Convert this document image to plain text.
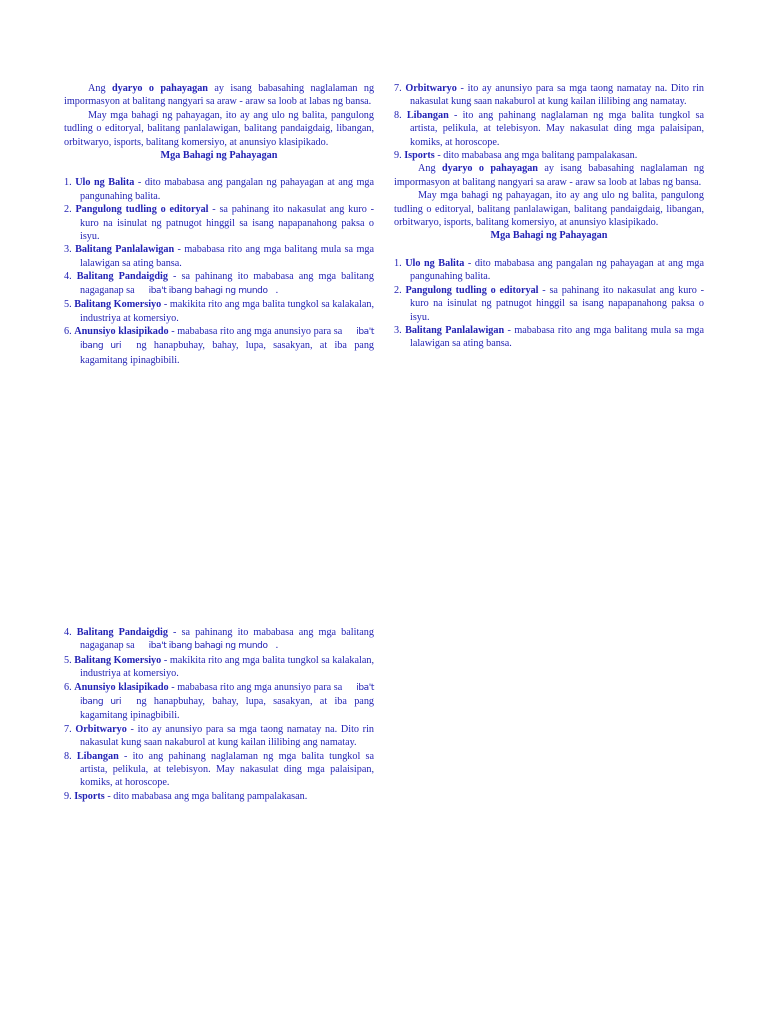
Ang dyaryo o pahayagan ay isang babasahing naglalaman ng impormasyon at balitang nangyari sa araw - araw sa loob at labas ng bansa.

May mga bahagi ng pahayagan, ito ay ang ulo ng balita, pangulong tudling o editoryal, balitang panlalawigan, balitang pandaigdaig, libangan, orbitwaryo, isports, balitang komersiyo, at anunsiyo klasipikado.

Mga Bahagi ng Pahayagan

1. Ulo ng Balita - dito mababasa ang pangalan ng pahayagan at ang mga pangunahing balita.

2. Pangulong tudling o editoryal - sa pahinang ito nakasulat ang kuro - kuro na isinulat ng patnugot hinggil sa isang napapanahong paksa o isyu.

3. Balitang Panlalawigan - mababasa rito ang mga balitang mula sa mga lalawigan sa ating bansa.

4. Balitang Pandaigdig - sa pahinang ito mababasa ang mga balitang nagaganap sa iba't ibang bahagi ng mundo .

5. Balitang Komersiyo - makikita rito ang mga balita tungkol sa kalakalan, industriya at komersiyo.

6. Anunsiyo klasipikado - mababasa rito ang mga anunsiyo para sa iba't ibang uri ng hanapbuhay, bahay, lupa, sasakyan, at iba pang kagamitang ipinagbibili.

7. Orbitwaryo - ito ay anunsiyo para sa mga taong namatay na. Dito rin nakasulat kung saan nakaburol at kung kailan ililibing ang namatay.

8. Libangan - ito ang pahinang naglalaman ng mga balita tungkol sa artista, pelikula, at telebisyon. May nakasulat ding mga palaisipan, komiks, at horoscope.

9. Isports - dito mababasa ang mga balitang pampalakasan.

Ang dyaryo o pahayagan ay isang babasahing naglalaman ng impormasyon at balitang nangyari sa araw - araw sa loob at labas ng bansa.

May mga bahagi ng pahayagan, ito ay ang ulo ng balita, pangulong tudling o editoryal, balitang panlalawigan, balitang pandaigdaig, libangan, orbitwaryo, isports, balitang komersiyo, at anunsiyo klasipikado.

Mga Bahagi ng Pahayagan

1. Ulo ng Balita - dito mababasa ang pangalan ng pahayagan at ang mga pangunahing balita.

2. Pangulong tudling o editoryal - sa pahinang ito nakasulat ang kuro - kuro na isinulat ng patnugot hinggil sa isang napapanahong paksa o isyu.

3. Balitang Panlalawigan - mababasa rito ang mga balitang mula sa mga lalawigan sa ating bansa.

4. Balitang Pandaigdig - sa pahinang ito mababasa ang mga balitang nagaganap sa iba't ibang bahagi ng mundo .

5. Balitang Komersiyo - makikita rito ang mga balita tungkol sa kalakalan, industriya at komersiyo.

6. Anunsiyo klasipikado - mababasa rito ang mga anunsiyo para sa iba't ibang uri ng hanapbuhay, bahay, lupa, sasakyan, at iba pang kagamitang ipinagbibili.

7. Orbitwaryo - ito ay anunsiyo para sa mga taong namatay na. Dito rin nakasulat kung saan nakaburol at kung kailan ililibing ang namatay.

8. Libangan - ito ang pahinang naglalaman ng mga balita tungkol sa artista, pelikula, at telebisyon. May nakasulat ding mga palaisipan, komiks, at horoscope.

9. Isports - dito mababasa ang mga balitang pampalakasan.
